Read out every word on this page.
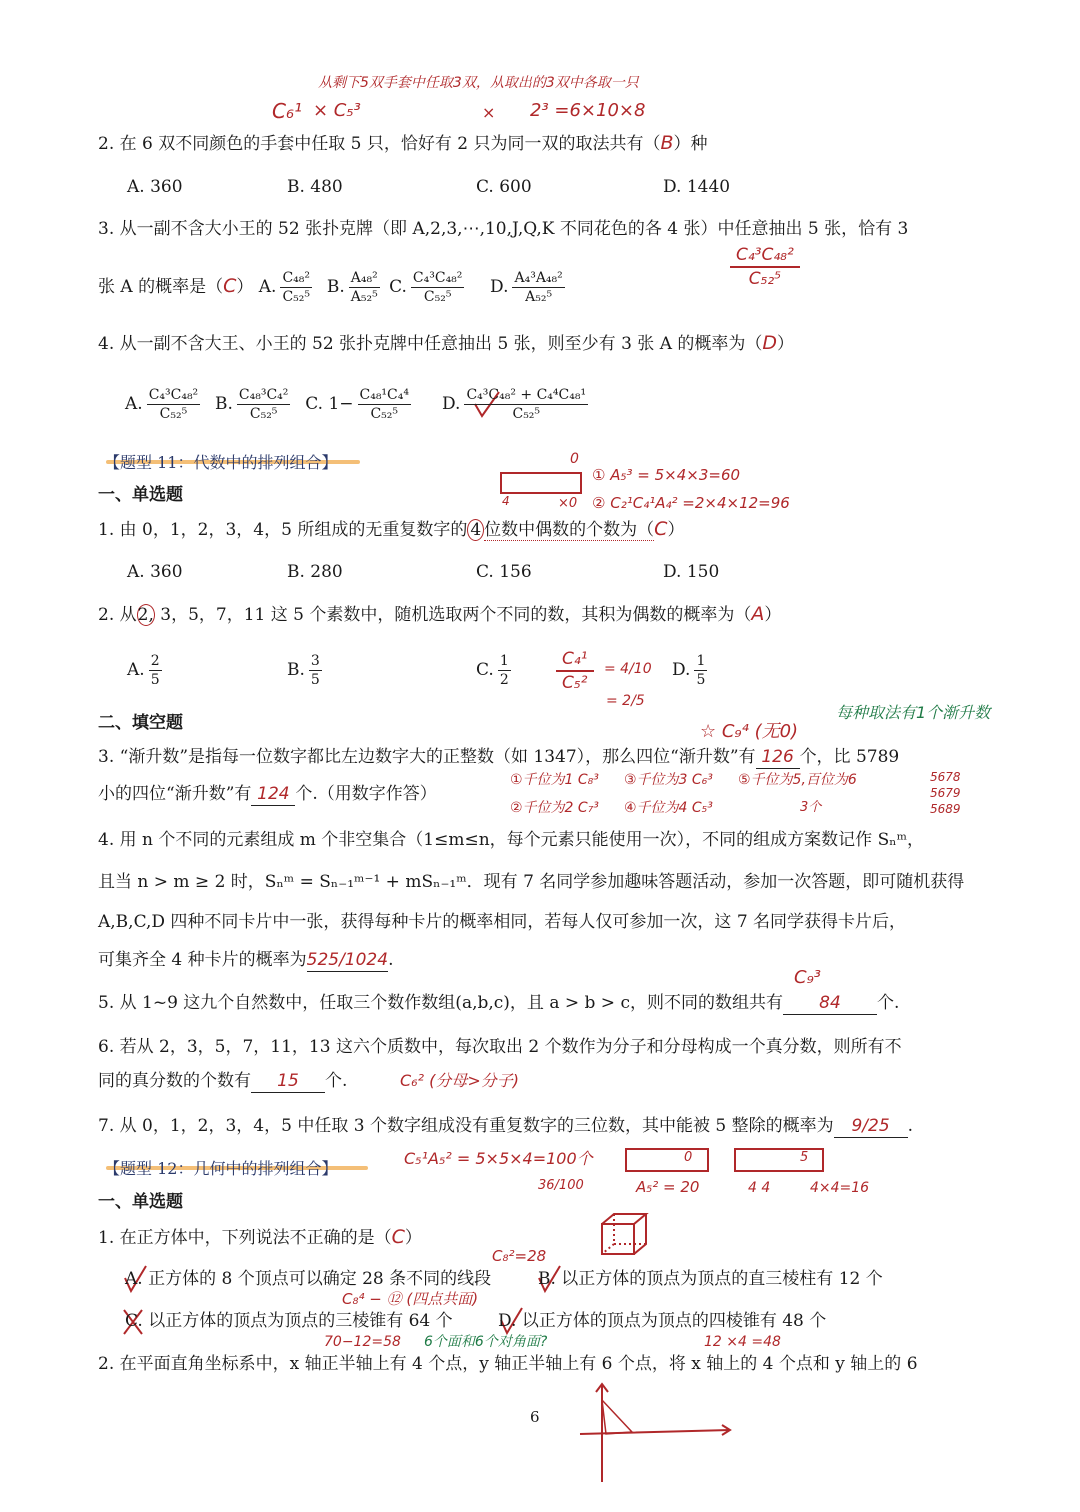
从剩下5双手套中任取3双，从取出的3双中各取一只
C₆¹ × C₅³	× 2³ =6×10×8
2. 在 6 双不同颜色的手套中任取 5 只，恰好有 2 只为同一双的取法共有（B）种
A. 360	B. 480	C. 600	D. 1440
3. 从一副不含大小王的 52 张扑克牌（即 A,2,3,⋯,10,J,Q,K 不同花色的各 4 张）中任意抽出 5 张，恰有 3
张 A 的概率是（C） A. $\frac{\text{C₄₈²}}{\text{C₅₂⁵}} B$. $\frac{\text{A₄₈²}}{\text{A₅₂⁵}} C$. $\frac{\text{C₄³C₄₈²}}{\text{C₅₂⁵}} D$. $\frac{\text{A₄³A₄₈²}}{\text{A₅₂⁵}}$
C₄³C₄₈²
C₅₂⁵
4. 从一副不含大王、小王的 52 张扑克牌中任意抽出 5 张，则至少有 3 张 A 的概率为（D）
A. $\frac{\text{C₄³C₄₈²}}{\text{C₅₂⁵}} B$. $\frac{\text{C₄₈³C₄²}}{\text{C₅₂⁵}} C$. $1- \frac{\text{C₄₈¹C₄⁴}}{\text{C₅₂⁵}} D$. $\frac{\text{C₄³C₄₈² + C₄⁴C₄₈¹}}{\text{C₅₂⁵}}$
【题型 11：代数中的排列组合】
一、单选题
0
4	×0
① A₅³ = 5×4×3=60
② C₂¹C₄¹A₄² =2×4×12=96
1. 由 0，1，2，3，4，5 所组成的无重复数字的 4 位数中偶数的个数为（C）
A. 360	B. 280	C. 156	D. 150
2. 从2, 3，5，7，11 这 5 个素数中，随机选取两个不同的数，其积为偶数的概率为（A）
A. $\frac{2}{5}$	B. $\frac{3}{5}$	C. $\frac{1}{2}$	D. $\frac{1}{5}$
C₄¹
C₅²
= 4/10
= 2/5
二、填空题	☆ C₉⁴ (无0)
每种取法有1个渐升数
3. “渐升数”是指每一位数字都比左边数字大的正整数（如 1347），那么四位“渐升数”有 126 个，比 5789
小的四位“渐升数”有 124 个.（用数字作答）
①千位为1 C₈³
②千位为2 C₇³
③千位为3 C₆³
④千位为4 C₅³
⑤千位为5,百位为6	5678
5679
5689
3个
4. 用 n 个不同的元素组成 m 个非空集合（1≤m≤n，每个元素只能使用一次），不同的组成方案数记作 Sₙᵐ，
且当 n > m ≥ 2 时，Sₙᵐ = Sₙ₋₁ᵐ⁻¹ + mSₙ₋₁ᵐ．现有 7 名同学参加趣味答题活动，参加一次答题，即可随机获得
A,B,C,D 四种不同卡片中一张，获得每种卡片的概率相同，若每人仅可参加一次，这 7 名同学获得卡片后，
可集齐全 4 种卡片的概率为525/1024.
C₉³
5. 从 1~9 这九个自然数中，任取三个数作数组(a,b,c)，且 a > b > c，则不同的数组共有 84 个.
6. 若从 2，3，5，7，11，13 这六个质数中，每次取出 2 个数作为分子和分母构成一个真分数，则所有不
同的真分数的个数有 15 个.	C₆² (分母>分子)
7. 从 0，1，2，3，4，5 中任取 3 个数字组成没有重复数字的三位数，其中能被 5 整除的概率为 9/25 .
【题型 12：几何中的排列组合】
C₅¹A₅² = 5×5×4=100个
36/100
0
A₅² = 20
5
4 4	4×4=16
一、单选题
1. 在正方体中，下列说法不正确的是（C）
C₈²=28
A. 正方体的 8 个顶点可以确定 28 条不同的线段	B. 以正方体的顶点为顶点的直三棱柱有 12 个
C₈⁴ − ⑫ (四点共面)
C. 以正方体的顶点为顶点的三棱锥有 64 个	D. 以正方体的顶点为顶点的四棱锥有 48 个
70−12=58 6个面和6个对角面?	12 ×4 =48
2. 在平面直角坐标系中，x 轴正半轴上有 4 个点，y 轴正半轴上有 6 个点，将 x 轴上的 4 个点和 y 轴上的 6
6
